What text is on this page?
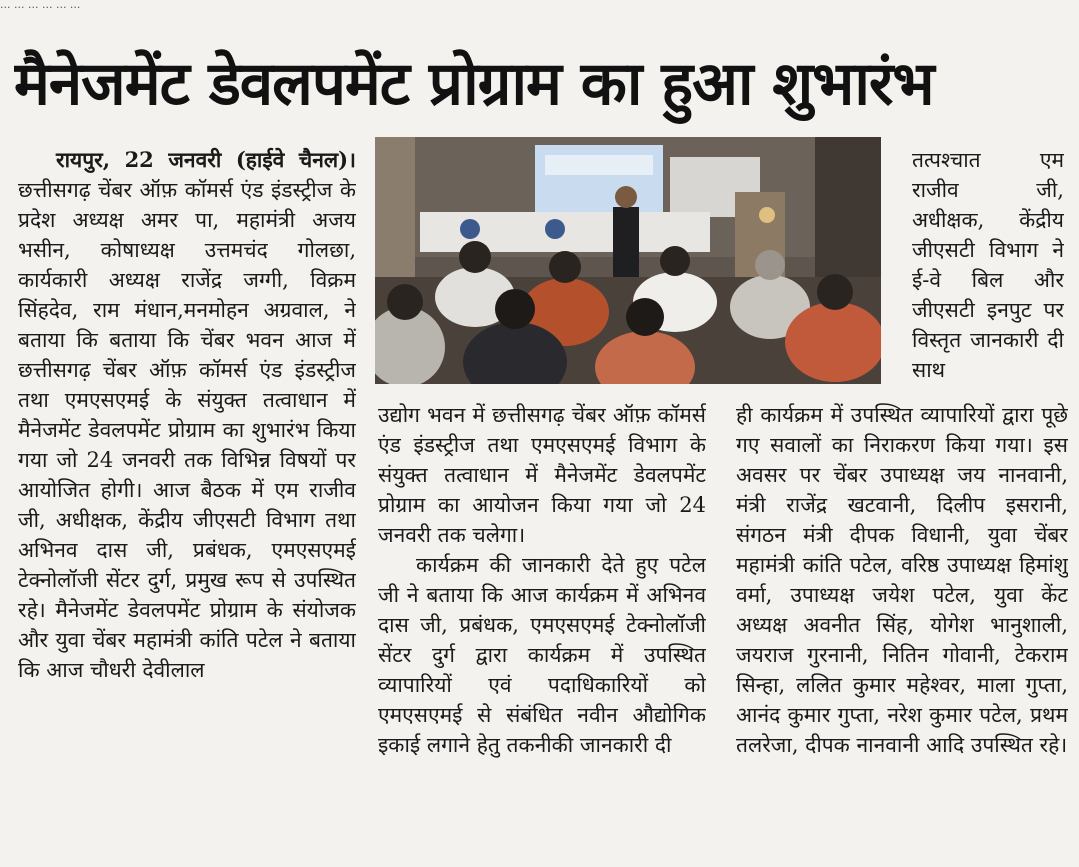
... ... ... ... ... ...
मैनेजमेंट डेवलपमेंट प्रोग्राम का हुआ शुभारंभ

रायपुर, 22 जनवरी (हाईवे चैनल)। छत्तीसगढ़ चेंबर ऑफ़ कॉमर्स एंड इंडस्ट्रीज के प्रदेश अध्यक्ष अमर पा, महामंत्री अजय भसीन, कोषाध्यक्ष उत्तमचंद गोलछा, कार्यकारी अध्यक्ष राजेंद्र जग्गी, विक्रम सिंहदेव, राम मंधान,मनमोहन अग्रवाल, ने बताया कि बताया कि चेंबर भवन आज में छत्तीसगढ़ चेंबर ऑफ़ कॉमर्स एंड इंडस्ट्रीज तथा एमएसएमई के संयुक्त तत्वाधान में मैनेजमेंट डेवलपमेंट प्रोग्राम का शुभारंभ किया गया जो 24 जनवरी तक विभिन्न विषयों पर आयोजित होगी। आज बैठक में एम राजीव जी, अधीक्षक, केंद्रीय जीएसटी विभाग तथा अभिनव दास जी, प्रबंधक, एमएसएमई टेक्नोलॉजी सेंटर दुर्ग, प्रमुख रूप से उपस्थित रहे। मैनेजमेंट डेवलपमेंट प्रोग्राम के संयोजक और युवा चेंबर महामंत्री कांति पटेल ने बताया कि आज चौधरी देवीलाल

उद्योग भवन में छत्तीसगढ़ चेंबर ऑफ़ कॉमर्स एंड इंडस्ट्रीज तथा एमएसएमई विभाग के संयुक्त तत्वाधान में मैनेजमेंट डेवलपमेंट प्रोग्राम का आयोजन किया गया जो 24 जनवरी तक चलेगा।

कार्यक्रम की जानकारी देते हुए पटेल जी ने बताया कि आज कार्यक्रम में अभिनव दास जी, प्रबंधक, एमएसएमई टेक्नोलॉजी सेंटर दुर्ग द्वारा कार्यक्रम में उपस्थित व्यापारियों एवं पदाधिकारियों को एमएसएमई से संबंधित नवीन औद्योगिक इकाई लगाने हेतु तकनीकी जानकारी दी

तत्पश्चात एम राजीव जी, अधीक्षक, केंद्रीय जीएसटी विभाग ने ई-वे बिल और जीएसटी इनपुट पर विस्तृत जानकारी दी साथ

ही कार्यक्रम में उपस्थित व्यापारियों द्वारा पूछे गए सवालों का निराकरण किया गया। इस अवसर पर चेंबर उपाध्यक्ष जय नानवानी, मंत्री राजेंद्र खटवानी, दिलीप इसरानी, संगठन मंत्री दीपक विधानी, युवा चेंबर महामंत्री कांति पटेल, वरिष्ठ उपाध्यक्ष हिमांशु वर्मा, उपाध्यक्ष जयेश पटेल, युवा केंट अध्यक्ष अवनीत सिंह, योगेश भानुशाली, जयराज गुरनानी, नितिन गोवानी, टेकराम सिन्हा, ललित कुमार महेश्वर, माला गुप्ता, आनंद कुमार गुप्ता, नरेश कुमार पटेल, प्रथम तलरेजा, दीपक नानवानी आदि उपस्थित रहे।
